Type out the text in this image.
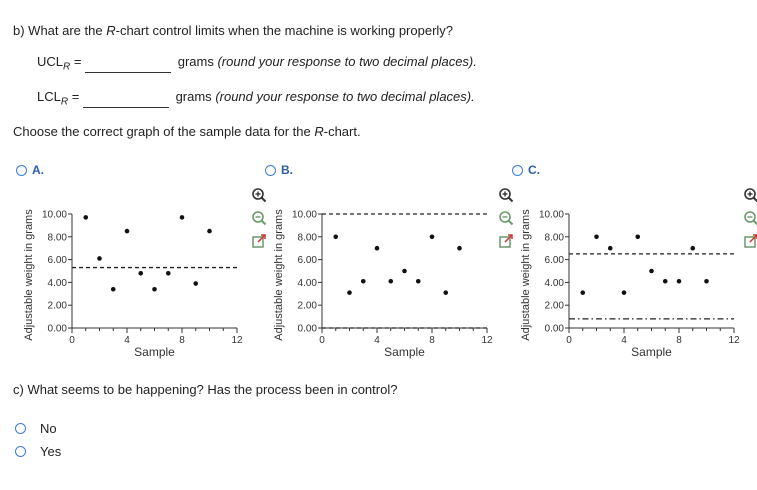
b) What are the R-chart control limits when the machine is working properly?
$UCL_R$ =	grams (round your response to two decimal places).
$LCL_R$ =	grams (round your response to two decimal places).
Choose the correct graph of the sample data for the R-chart.
A.	B.	C.
Adjustable weight in grams 0.00
2.00
4.00
6.00
8.00
10.00
0	4	8	12
Sample
Adjustable weight in grams 0.00
2.00
4.00
6.00
8.00
10.00
0	4	8	12
Sample
Adjustable weight in grams 0.00
2.00
4.00
6.00
8.00
10.00
0	4	8	12
Sample
c) What seems to be happening? Has the process been in control?
No
Yes
